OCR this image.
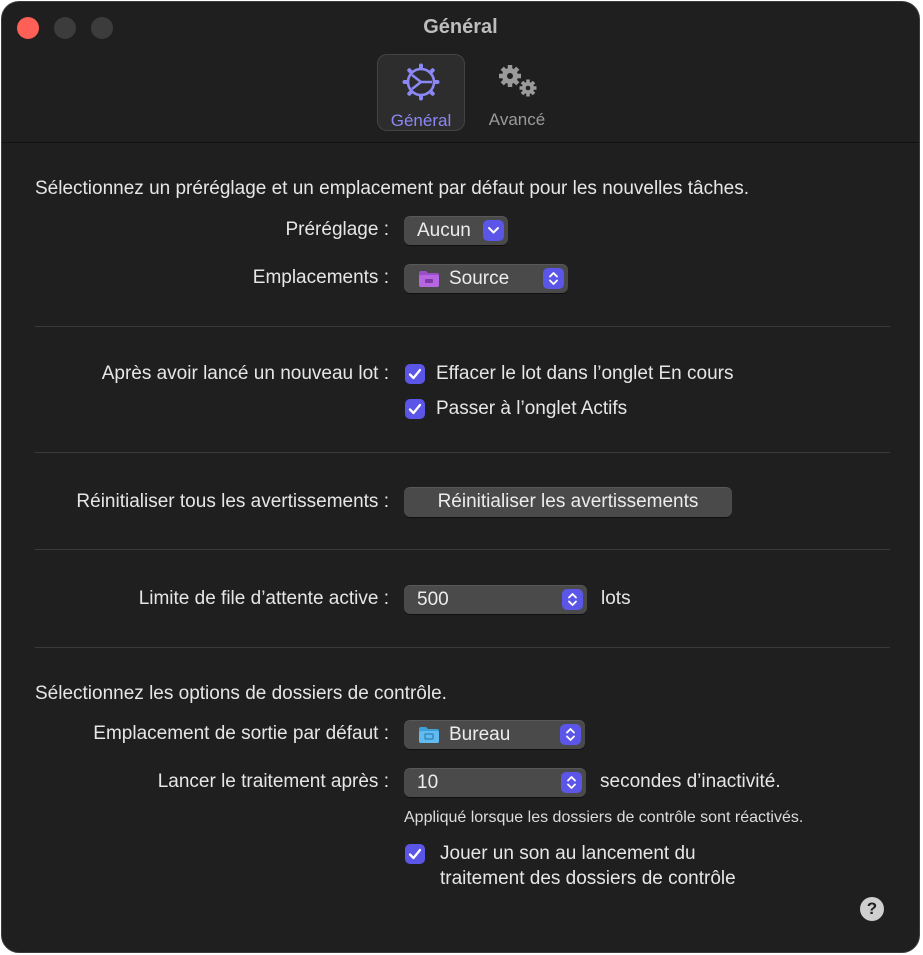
Général
Général Avancé
Sélectionnez un préréglage et un emplacement par défaut pour les nouvelles tâches.
Préréglage : Aucun
Emplacements :	Source
Après avoir lancé un nouveau lot : Effacer le lot dans l’onglet En cours
Passer à l’onglet Actifs
Réinitialiser tous les avertissements :	Réinitialiser les avertissements
Limite de file d’attente active : 500	lots
Sélectionnez les options de dossiers de contrôle.
Emplacement de sortie par défaut :	Bureau
Lancer le traitement après : 10	secondes d’inactivité.
Appliqué lorsque les dossiers de contrôle sont réactivés.
Jouer un son au lancement du
traitement des dossiers de contrôle
?
